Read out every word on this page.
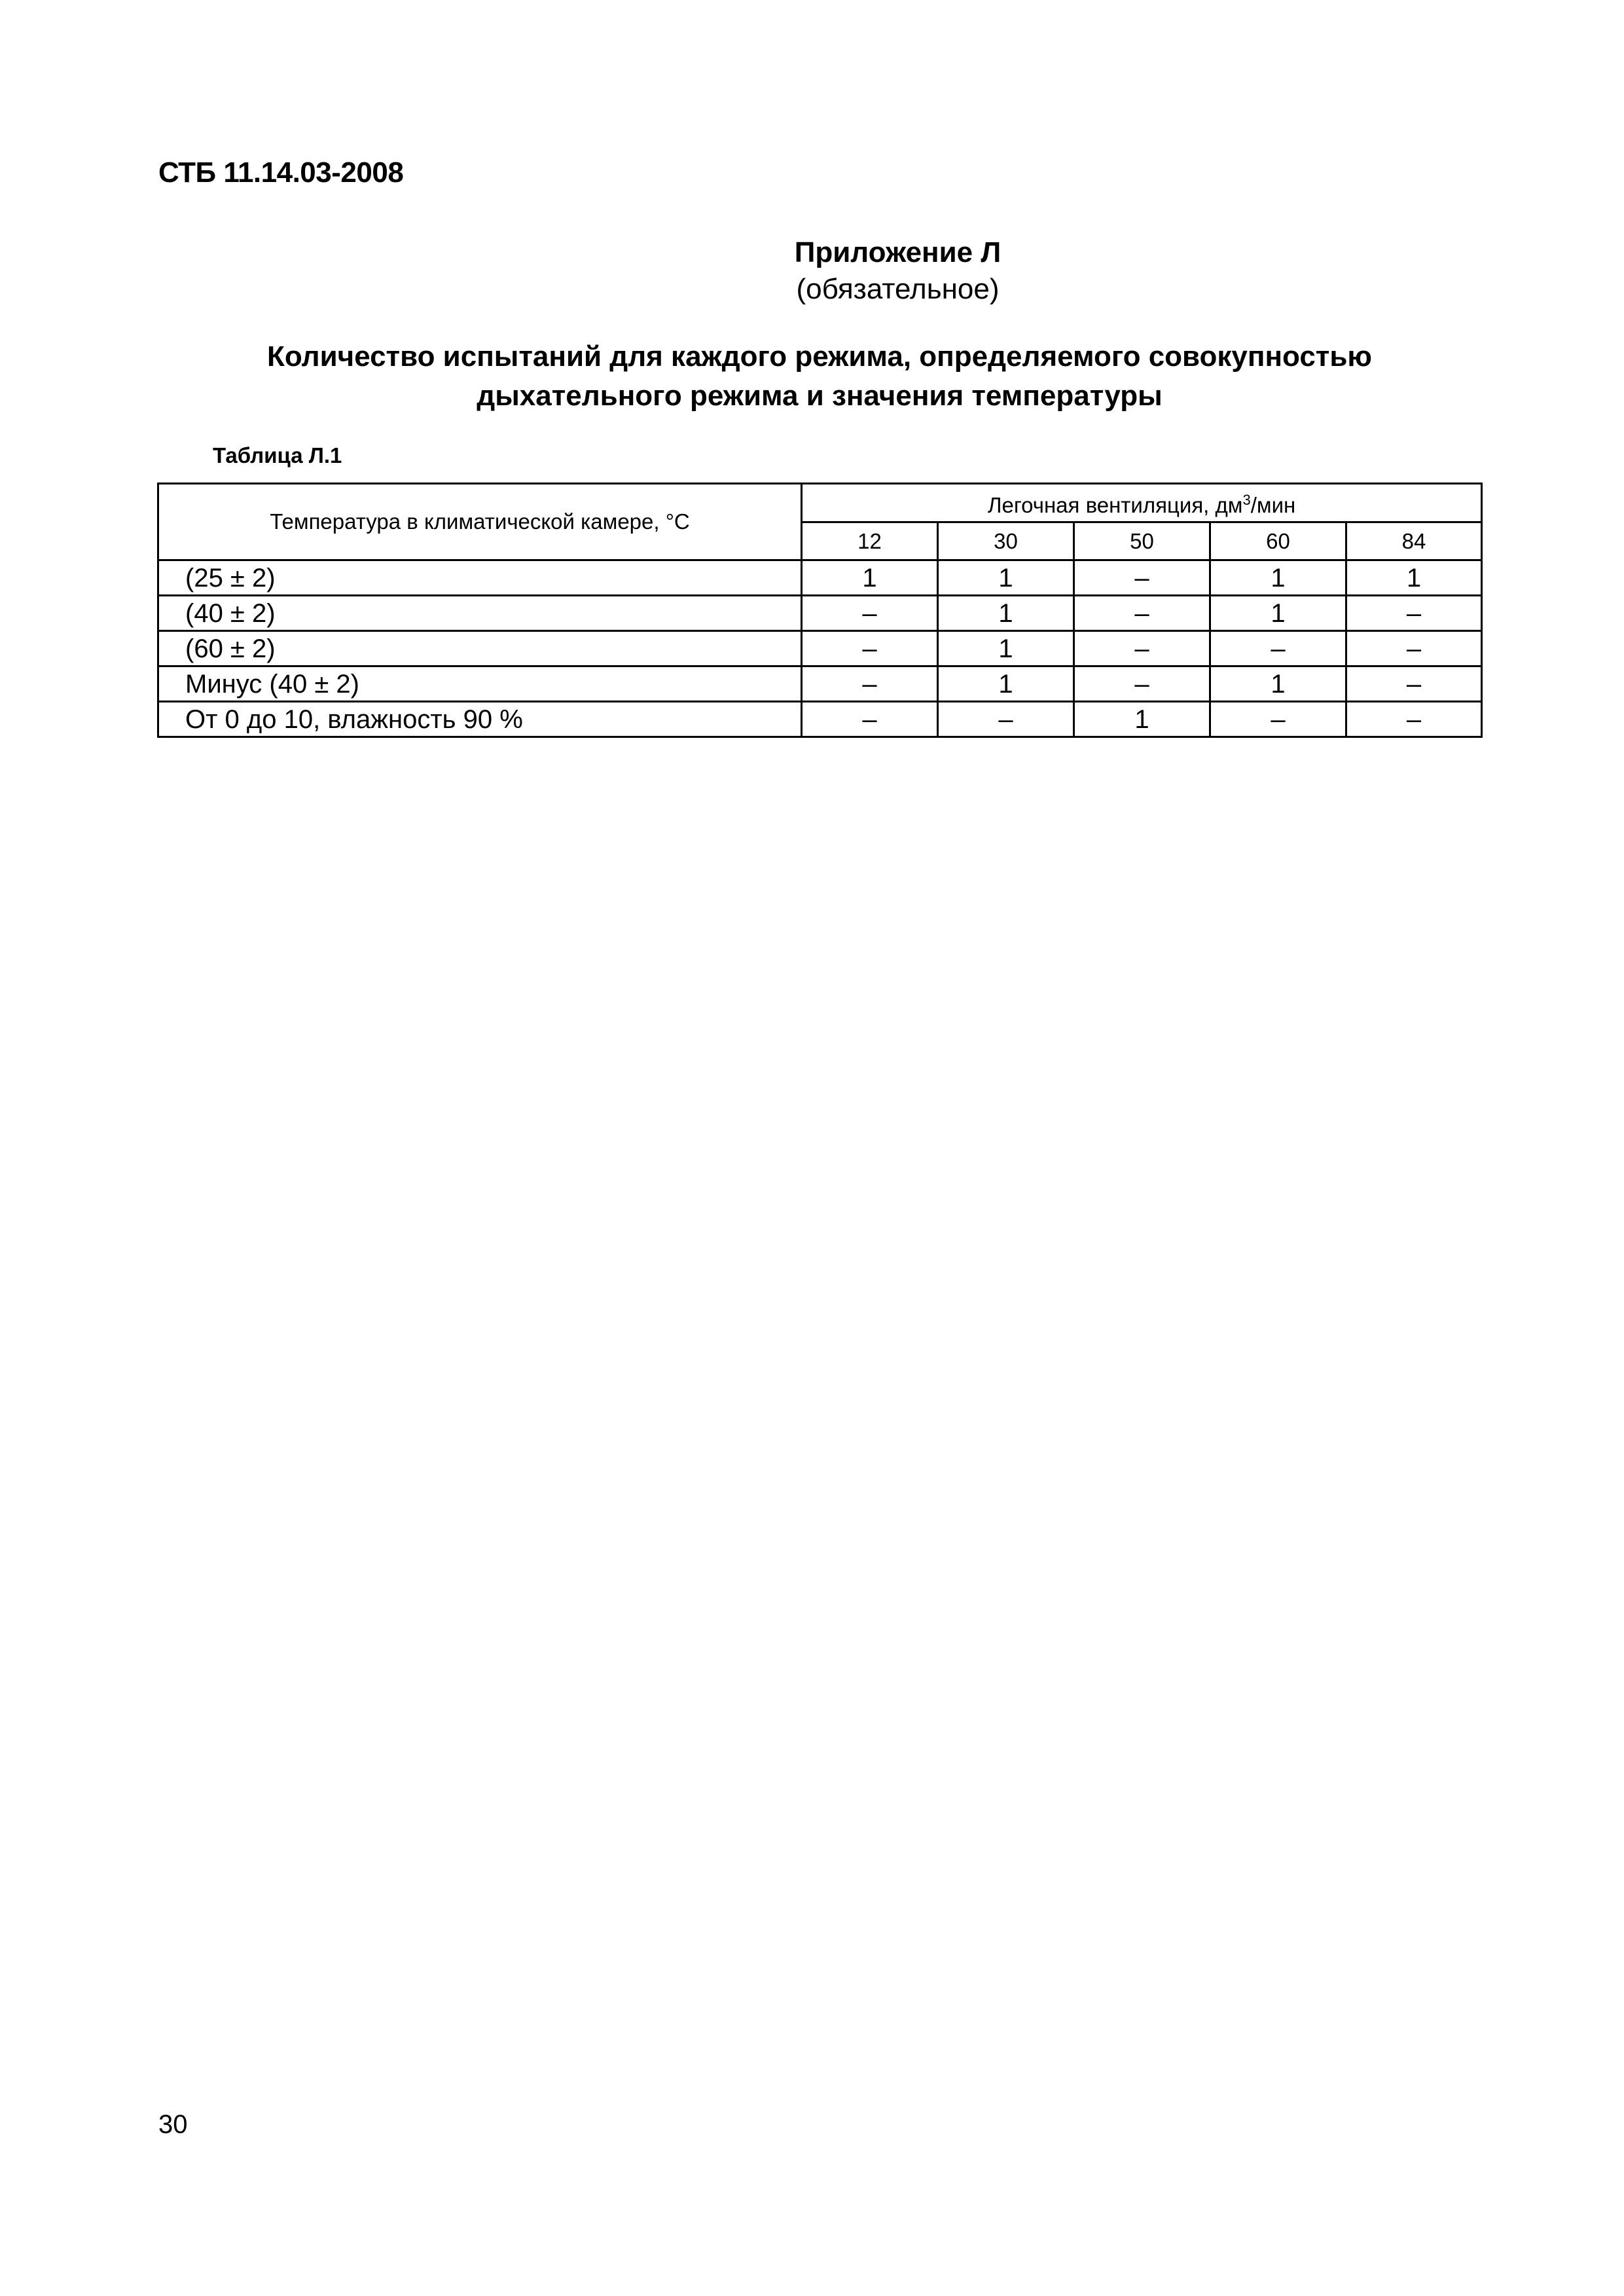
СТБ 11.14.03-2008
Приложение Л
(обязательное)
Количество испытаний для каждого режима, определяемого совокупностью
дыхательного режима и значения температуры
Таблица Л.1
Температура в климатической камере, °С	Легочная вентиляция, $дм^3$/мин				
	12	30	50	60	84
(25 ± 2)	1	1	–	1	1
(40 ± 2)	–	1	–	1	–
(60 ± 2)	–	1	–	–	–
Минус (40 ± 2)	–	1	–	1	–
От 0 до 10, влажность 90 %	–	–	1	–	–
30
